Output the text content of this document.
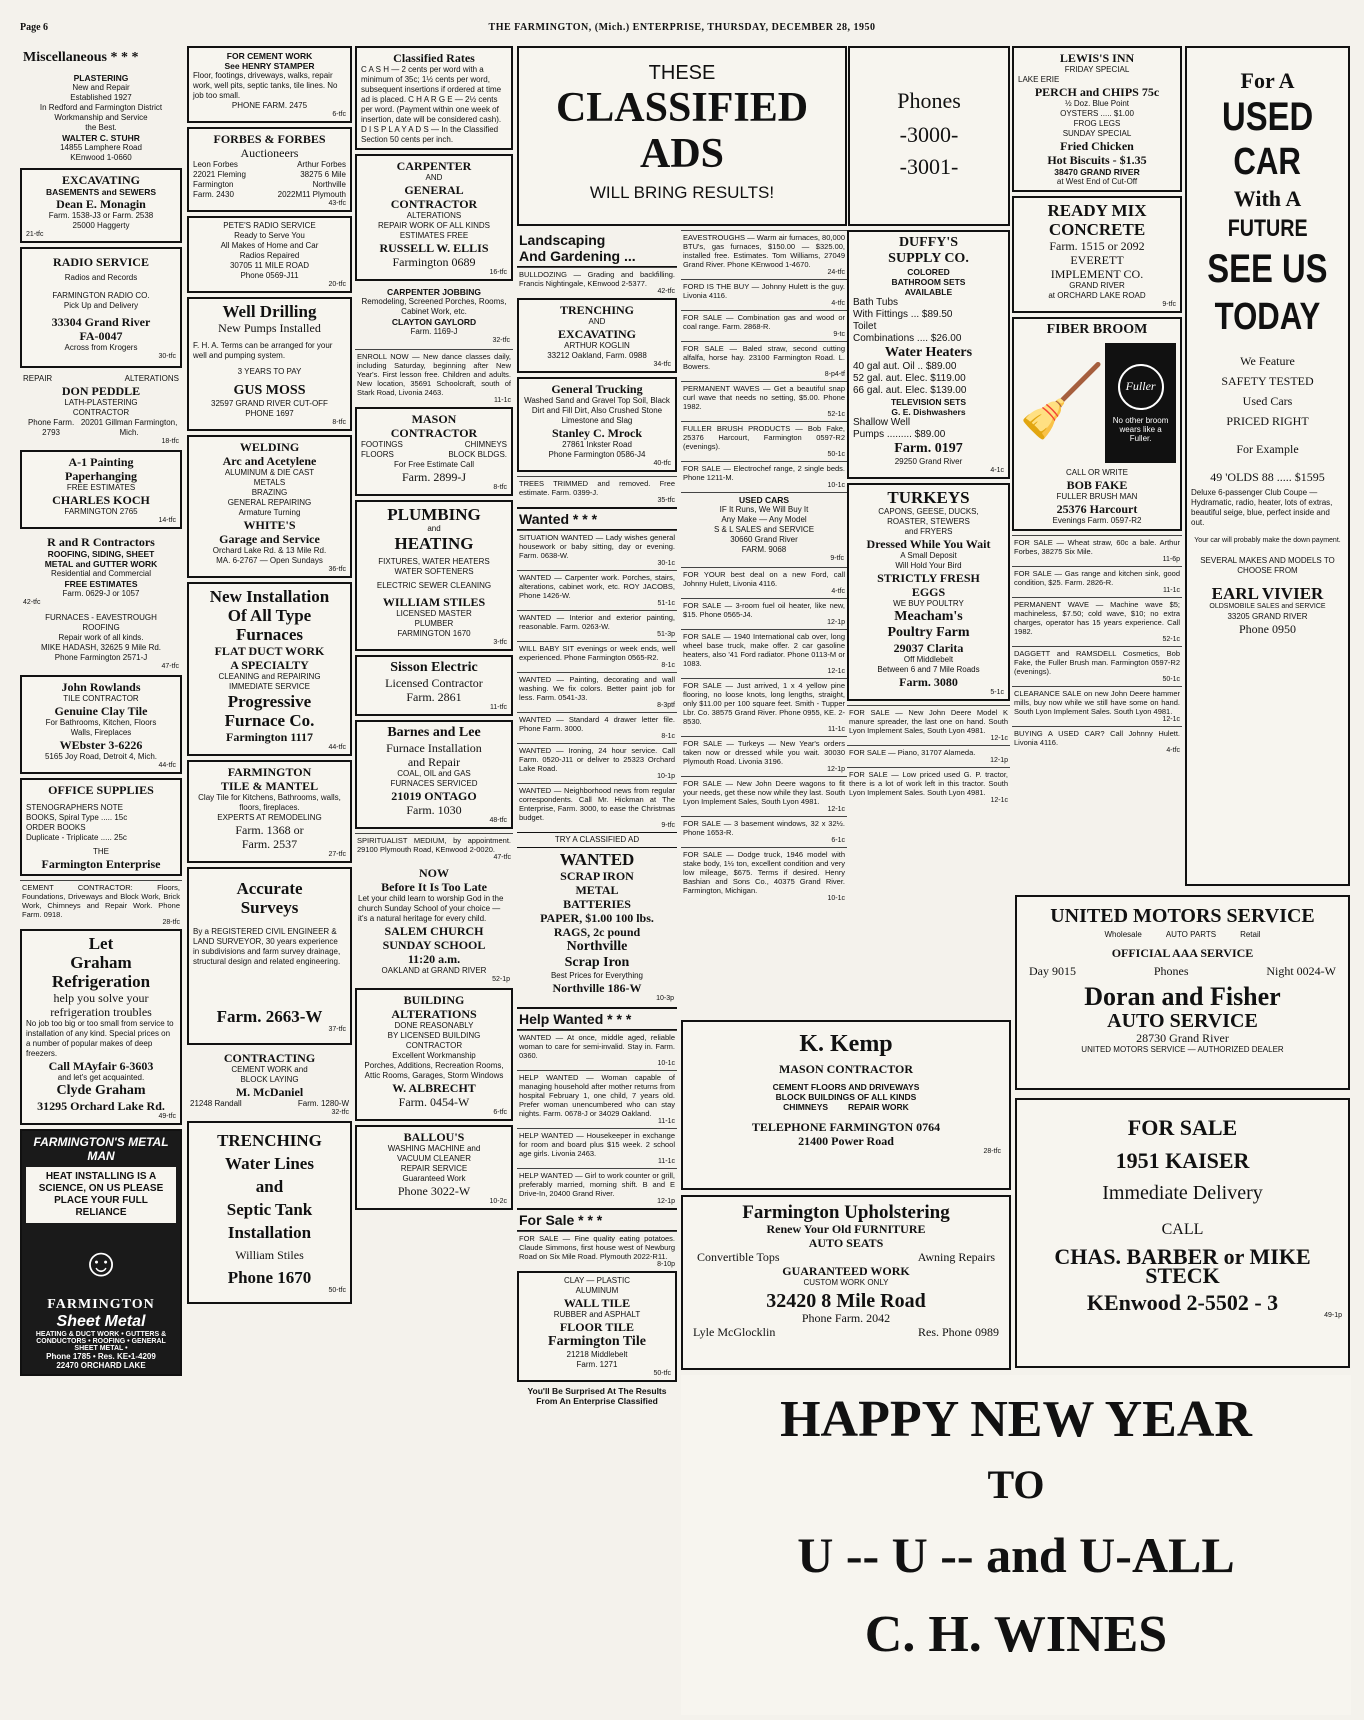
Page 6	THE FARMINGTON, (Mich.) ENTERPRISE, THURSDAY, DECEMBER 28, 1950
Miscellaneous * * *
PLASTERING
New and Repair
Established 1927
In Redford and Farmington District
Workmanship and Service
the Best.
WALTER C. STUHR
14855 Lamphere Road
KEnwood 1-0660
EXCAVATING
BASEMENTS and SEWERS
Dean E. Monagin
Farm. 1538-J3 or Farm. 2538
25000 Haggerty
21-tfc
RADIO SERVICE
Radios and Records
FARMINGTON RADIO CO.
Pick Up and Delivery
33304 Grand River
FA-0047
Across from Krogers
30-tfc
REPAIR	ALTERATIONS
DON PEDDLE
LATH-PLASTERING
CONTRACTOR
Phone Farm. 2793
20201 Gillman Farmington, Mich.
18-tfc
A-1 Painting
Paperhanging
FREE ESTIMATES
CHARLES KOCH
FARMINGTON 2765
14-tfc
R and R Contractors
ROOFING, SIDING, SHEET
METAL and GUTTER WORK
Residential and Commercial
FREE ESTIMATES
Farm. 0629-J or 1057
42-tfc
FURNACES - EAVESTROUGH
ROOFING
Repair work of all kinds.
MIKE HADASH, 32625 9 Mile Rd.
Phone Farmington 2571-J
47-tfc
John Rowlands
TILE CONTRACTOR
Genuine Clay Tile
For Bathrooms, Kitchen, Floors
Walls, Fireplaces
WEbster 3-6226
5165 Joy Road, Detroit 4, Mich.
44-tfc
OFFICE SUPPLIES
STENOGRAPHERS NOTE
BOOKS, Spiral Type ..... 15c
ORDER BOOKS
Duplicate - Triplicate ..... 25c
THE
Farmington Enterprise
CEMENT CONTRACTOR: Floors, Foundations, Driveways and Block Work, Brick Work, Chimneys and Repair Work. Phone Farm. 0918.
28-tfc
Let
Graham
Refrigeration
help you solve your
refrigeration troubles
No job too big or too small from service to installation of any kind. Special prices on a number of popular makes of deep freezers.
Call MAyfair 6-3603
and let's get acquainted.
Clyde Graham
31295 Orchard Lake Rd.
49-tfc
FARMINGTON'S METAL MAN
HEAT INSTALLING IS A SCIENCE, ON US PLEASE PLACE YOUR FULL RELIANCE
☺
FARMINGTON
Sheet Metal
HEATING & DUCT WORK • GUTTERS & CONDUCTORS • ROOFING • GENERAL SHEET METAL •
Phone 1785 • Res. KE•1-4209
22470 ORCHARD LAKE
FOR CEMENT WORK
See HENRY STAMPER
Floor, footings, driveways, walks, repair work, well pits, septic tanks, tile lines. No job too small.
PHONE FARM. 2475
6-tfc
FORBES & FORBES
Auctioneers
Leon Forbes	Arthur Forbes
22021 Fleming	38275 6 Mile
Farmington	Northville
Farm. 2430	2022M11 Plymouth
43-tfc
PETE'S RADIO SERVICE
Ready to Serve You
All Makes of Home and Car
Radios Repaired
30705 11 MILE ROAD
Phone 0569-J11
20-tfc
Well Drilling
New Pumps Installed
F. H. A. Terms can be arranged for your well and pumping system.
3 YEARS TO PAY
GUS MOSS
32597 GRAND RIVER CUT-OFF
PHONE 1697
8-tfc
WELDING
Arc and Acetylene
ALUMINUM & DIE CAST
METALS
BRAZING
GENERAL REPAIRING
Armature Turning
WHITE'S
Garage and Service
Orchard Lake Rd. & 13 Mile Rd.
MA. 6-2767 — Open Sundays
36-tfc
New Installation
Of All Type
Furnaces
FLAT DUCT WORK
A SPECIALTY
CLEANING and REPAIRING
IMMEDIATE SERVICE
Progressive
Furnace Co.
Farmington 1117
44-tfc
FARMINGTON
TILE & MANTEL
Clay Tile for Kitchens, Bathrooms, walls, floors, fireplaces.
EXPERTS AT REMODELING
Farm. 1368 or
Farm. 2537
27-tfc
Accurate
Surveys
By a REGISTERED CIVIL ENGINEER & LAND SURVEYOR, 30 years experience in subdivisions and farm survey drainage, structural design and related engineering.
Farm. 2663-W
37-tfc
CONTRACTING
CEMENT WORK and
BLOCK LAYING
M. McDaniel
21248 Randall	Farm. 1280-W
32-tfc
TRENCHING
Water Lines
and
Septic Tank
Installation
William Stiles
Phone 1670
50-tfc
Classified Rates
C A S H — 2 cents per word with a minimum of 35c; 1½ cents per word, subsequent insertions if ordered at time ad is placed. C H A R G E — 2½ cents per word. (Payment within one week of insertion, date will be considered cash). D I S P L A Y A D S — In the Classified Section 50 cents per inch.
CARPENTER
AND
GENERAL
CONTRACTOR
ALTERATIONS
REPAIR WORK OF ALL KINDS
ESTIMATES FREE
RUSSELL W. ELLIS
Farmington 0689
16-tfc
CARPENTER JOBBING
Remodeling, Screened Porches, Rooms, Cabinet Work, etc.
CLAYTON GAYLORD
Farm. 1169-J
32-tfc
ENROLL NOW — New dance classes daily, including Saturday, beginning after New Year's. First lesson free. Children and adults. New location, 35691 Schoolcraft, south of Stark Road, Livonia 2463.
11-1c
MASON
CONTRACTOR
FOOTINGS	CHIMNEYS
FLOORS	BLOCK BLDGS.
For Free Estimate Call
Farm. 2899-J
8-tfc
PLUMBING
and
HEATING
FIXTURES, WATER HEATERS
WATER SOFTENERS
ELECTRIC SEWER CLEANING
WILLIAM STILES
LICENSED MASTER
PLUMBER
FARMINGTON 1670
3-tfc
Sisson Electric
Licensed Contractor
Farm. 2861
11-tfc
Barnes and Lee
Furnace Installation
and Repair
COAL, OIL and GAS
FURNACES SERVICED
21019 ONTAGO
Farm. 1030
48-tfc
SPIRITUALIST MEDIUM, by appointment. 29100 Plymouth Road, KEnwood 2-0020.
47-tfc
NOW
Before It Is Too Late
Let your child learn to worship God in the church Sunday School of your choice — it's a natural heritage for every child.
SALEM CHURCH
SUNDAY SCHOOL
11:20 a.m.
OAKLAND at GRAND RIVER
52-1p
BUILDING
ALTERATIONS
DONE REASONABLY
BY LICENSED BUILDING
CONTRACTOR
Excellent Workmanship
Porches, Additions, Recreation Rooms, Attic Rooms, Garages, Storm Windows
W. ALBRECHT
Farm. 0454-W
6-tfc
BALLOU'S
WASHING MACHINE and
VACUUM CLEANER
REPAIR SERVICE
Guaranteed Work
Phone 3022-W
10-2c
THESE
CLASSIFIED
ADS
WILL BRING RESULTS!
Phones
-3000-
-3001-
Landscaping
And Gardening ...
BULLDOZING — Grading and backfilling. Francis Nightingale, KEnwood 2-5377.
42-tfc
TRENCHING
AND
EXCAVATING
ARTHUR KOGLIN
33212 Oakland, Farm. 0988
34-tfc
General Trucking
Washed Sand and Gravel Top Soil, Black Dirt and Fill Dirt, Also Crushed Stone Limestone and Slag
Stanley C. Mrock
27861 Inkster Road
Phone Farmington 0586-J4
40-tfc
TREES TRIMMED and removed. Free estimate. Farm. 0399-J.
35-tfc
Wanted * * *
SITUATION WANTED — Lady wishes general housework or baby sitting, day or evening. Farm. 0638-W.
30-1c
WANTED — Carpenter work. Porches, stairs, alterations, cabinet work, etc. ROY JACOBS, Phone 1426-W.
51-1c
WANTED — Interior and exterior painting, reasonable. Farm. 0263-W.
51-3p
WILL BABY SIT evenings or week ends, well experienced. Phone Farmington 0565-R2.
8-1c
WANTED — Painting, decorating and wall washing. We fix colors. Better paint job for less. Farm. 0541-J3.
8-3ptf
WANTED — Standard 4 drawer letter file. Phone Farm. 3000.
8-1c
WANTED — Ironing, 24 hour service. Call Farm. 0520-J11 or deliver to 25323 Orchard Lake Road.
10-1p
WANTED — Neighborhood news from regular correspondents. Call Mr. Hickman at The Enterprise, Farm. 3000, to ease the Christmas budget.
9-tfc
TRY A CLASSIFIED AD
WANTED
SCRAP IRON
METAL
BATTERIES
PAPER, $1.00 100 lbs.
RAGS, 2c pound
Northville
Scrap Iron
Best Prices for Everything
Northville 186-W
10-3p
Help Wanted * * *
WANTED — At once, middle aged, reliable woman to care for semi-invalid. Stay in. Farm. 0360.
10-1c
HELP WANTED — Woman capable of managing household after mother returns from hospital February 1, one child, 7 years old. Prefer woman unencumbered who can stay nights. Farm. 0678-J or 34029 Oakland.
11-1c
HELP WANTED — Housekeeper in exchange for room and board plus $15 week. 2 school age girls. Livonia 2463.
11-1c
HELP WANTED — Girl to work counter or grill, preferably married, morning shift. B and E Drive-In, 20400 Grand River.
12-1p
For Sale * * *
FOR SALE — Fine quality eating potatoes. Claude Simmons, first house west of Newburg Road on Six Mile Road. Plymouth 2022-R11.
8-10p
CLAY — PLASTIC
ALUMINUM
WALL TILE
RUBBER and ASPHALT
FLOOR TILE
Farmington Tile
21218 Middlebelt
Farm. 1271
50-tfc
You'll Be Surprised At The Results From An Enterprise Classified
EAVESTROUGHS — Warm air furnaces, 80,000 BTU's, gas furnaces, $150.00 — $325.00, installed free. Estimates. Tom Williams, 27049 Grand River. Phone KEnwood 1-4670.
24-tfc
FORD IS THE BUY — Johnny Hulett is the guy. Livonia 4116.
4-tfc
FOR SALE — Combination gas and wood or coal range. Farm. 2868-R.
9-tc
FOR SALE — Baled straw, second cutting alfalfa, horse hay. 23100 Farmington Road. L. Bowers.
8-p4-tf
PERMANENT WAVES — Get a beautiful snap curl wave that needs no setting, $5.00. Phone 1982.
52-1c
FULLER BRUSH PRODUCTS — Bob Fake, 25376 Harcourt, Farmington 0597-R2 (evenings).
50-1c
FOR SALE — Electrochef range, 2 single beds. Phone 1211-M.
10-1c
USED CARS
IF It Runs, We Will Buy It
Any Make — Any Model
S & L SALES and SERVICE
30660 Grand River
FARM. 9068
9-tfc
FOR YOUR best deal on a new Ford, call Johnny Hulett, Livonia 4116.
4-tfc
FOR SALE — 3-room fuel oil heater, like new, $15. Phone 0565-J4.
12-1p
FOR SALE — 1940 International cab over, long wheel base truck, make offer. 2 car gasoline heaters, also '41 Ford radiator. Phone 0113-M or 1083.
12-1c
FOR SALE — Just arrived, 1 x 4 yellow pine flooring, no loose knots, long lengths, straight, only $11.00 per 100 square feet. Smith - Tupper Lbr. Co. 38575 Grand River. Phone 0955, KE. 2-8530.
11-1c
FOR SALE — Turkeys — New Year's orders taken now or dressed while you wait. 30030 Plymouth Road. Livonia 3196.
12-1p
FOR SALE — New John Deere wagons to fit your needs, get these now while they last. South Lyon Implement Sales, South Lyon 4981.
12-1c
FOR SALE — 3 basement windows, 32 x 32½. Phone 1653-R.
6-1c
FOR SALE — Dodge truck, 1946 model with stake body, 1½ ton, excellent condition and very low mileage, $675. Terms if desired. Henry Bashian and Sons Co., 40375 Grand River. Farmington, Michigan.
10-1c
DUFFY'S
SUPPLY CO.
COLORED
BATHROOM SETS
AVAILABLE
Bath Tubs
With Fittings ... $89.50
Toilet
Combinations .... $26.00
Water Heaters
40 gal aut. Oil .. $89.00
52 gal. aut. Elec. $119.00
66 gal. aut. Elec. $139.00
TELEVISION SETS
G. E. Dishwashers
Shallow Well
Pumps ......... $89.00
Farm. 0197
29250 Grand River
4-1c
TURKEYS
CAPONS, GEESE, DUCKS,
ROASTER, STEWERS
and FRYERS
Dressed While You Wait
A Small Deposit
Will Hold Your Bird
STRICTLY FRESH
EGGS
WE BUY POULTRY
Meacham's
Poultry Farm
29037 Clarita
Off Middlebelt
Between 6 and 7 Mile Roads
Farm. 3080
5-1c
FOR SALE — New John Deere Model K manure spreader, the last one on hand. South Lyon Implement Sales, South Lyon 4981.
12-1c
FOR SALE — Piano, 31707 Alameda.
12-1p
FOR SALE — Low priced used G. P. tractor, there is a lot of work left in this tractor. South Lyon Implement Sales. South Lyon 4981.
12-1c
LEWIS'S INN
FRIDAY SPECIAL
LAKE ERIE
PERCH and CHIPS 75c
½ Doz. Blue Point
OYSTERS ..... $1.00
FROG LEGS
SUNDAY SPECIAL
Fried Chicken
Hot Biscuits - $1.35
38470 GRAND RIVER
at West End of Cut-Off
READY MIX
CONCRETE
Farm. 1515 or 2092
EVERETT
IMPLEMENT CO.
GRAND RIVER
at ORCHARD LAKE ROAD
9-tfc
FIBER BROOM
🧹	Fuller
No other broom wears like a Fuller.
CALL OR WRITE
BOB FAKE
FULLER BRUSH MAN
25376 Harcourt
Evenings Farm. 0597-R2
FOR SALE — Wheat straw, 60c a bale. Arthur Forbes, 38275 Six Mile.
11-6p
FOR SALE — Gas range and kitchen sink, good condition, $25. Farm. 2826-R.
11-1c
PERMANENT WAVE — Machine wave $5; machineless, $7.50; cold wave, $10; no extra charges, operator has 15 years experience. Call 1982.
52-1c
DAGGETT and RAMSDELL Cosmetics, Bob Fake, the Fuller Brush man. Farmington 0597-R2 (evenings).
50-1c
CLEARANCE SALE on new John Deere hammer mills, buy now while we still have some on hand. South Lyon Implement Sales. South Lyon 4981.
12-1c
BUYING A USED CAR? Call Johnny Hulett. Livonia 4116.
4-tfc
For A
USED
CAR
With A
FUTURE
SEE US
TODAY
We Feature
SAFETY TESTED
Used Cars
PRICED RIGHT
For Example
49 'OLDS 88 ..... $1595
Deluxe 6-passenger Club Coupe — Hydramatic, radio, heater, lots of extras, beautiful seige, blue, perfect inside and out.
Your car will probably make the down payment.
SEVERAL MAKES AND MODELS TO CHOOSE FROM
EARL VIVIER
OLDSMOBILE SALES and SERVICE
33205 GRAND RIVER
Phone 0950
K. Kemp
MASON CONTRACTOR
CEMENT FLOORS AND DRIVEWAYS
BLOCK BUILDINGS OF ALL KINDS
CHIMNEYS REPAIR WORK
TELEPHONE FARMINGTON 0764
21400 Power Road
28-tfc
Farmington Upholstering
Renew Your Old FURNITURE
AUTO SEATS
Convertible Tops	Awning Repairs
GUARANTEED WORK
CUSTOM WORK ONLY
32420 8 Mile Road
Phone Farm. 2042
Lyle McGlocklin	Res. Phone 0989
UNITED MOTORS SERVICE
Wholesale	AUTO PARTS	Retail
OFFICIAL AAA SERVICE
Day 9015	Phones	Night 0024-W
Doran and Fisher
AUTO SERVICE
28730 Grand River
UNITED MOTORS SERVICE — AUTHORIZED DEALER
FOR SALE
1951 KAISER
Immediate Delivery
CALL
CHAS. BARBER or MIKE STECK
KEnwood 2-5502 - 3
49-1p
HAPPY NEW YEAR
TO
U -- U -- and U-ALL
C. H. WINES
